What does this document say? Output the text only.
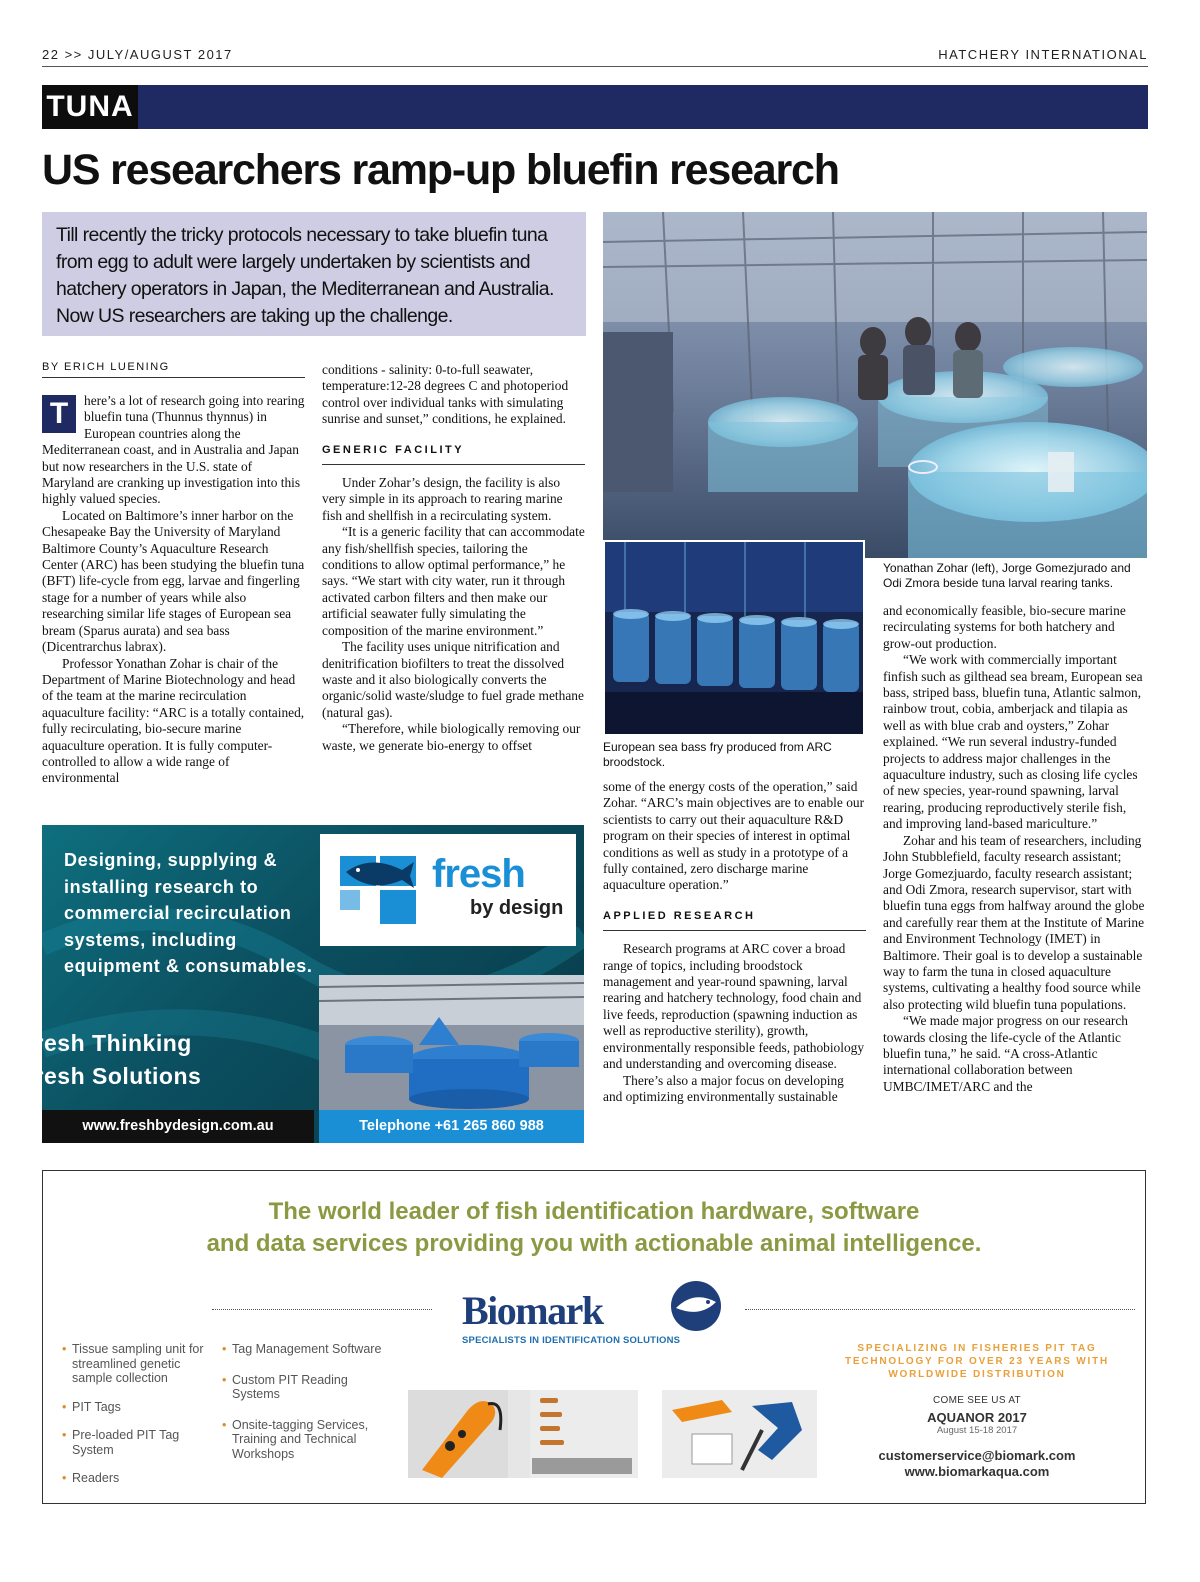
22 >> JULY/AUGUST 2017	HATCHERY INTERNATIONAL
TUNA
US researchers ramp-up bluefin research
Till recently the tricky protocols necessary to take bluefin tuna from egg to adult were largely undertaken by scientists and hatchery operators in Japan, the Mediterranean and Australia. Now US researchers are taking up the challenge.
BY ERICH LUENING
T	here’s a lot of research going into rearing bluefin tuna (Thunnus thynnus) in European countries along the Mediterranean coast, and in Australia and Japan but now researchers in the U.S. state of Maryland are cranking up investigation into this highly valued species.

Located on Baltimore’s inner harbor on the Chesapeake Bay the University of Maryland Baltimore County’s Aquaculture Research Center (ARC) has been studying the bluefin tuna (BFT) life-cycle from egg, larvae and fingerling stage for a number of years while also researching similar life stages of European sea bream (Sparus aurata) and sea bass (Dicentrarchus labrax).

Professor Yonathan Zohar is chair of the Department of Marine Biotechnology and head of the team at the marine recirculation aquaculture facility: “ARC is a totally contained, fully recirculating, bio-secure marine aquaculture operation. It is fully computer-controlled to allow a wide range of environmental

conditions - salinity: 0-to-full seawater, temperature:12-28 degrees C and photoperiod control over individual tanks with simulating sunrise and sunset,” conditions, he explained.

GENERIC FACILITY

Under Zohar’s design, the facility is also very simple in its approach to rearing marine fish and shellfish in a recirculating system.

“It is a generic facility that can accommodate any fish/shellfish species, tailoring the conditions to allow optimal performance,” he says. “We start with city water, run it through activated carbon filters and then make our artificial seawater fully simulating the composition of the marine environment.”

The facility uses unique nitrification and denitrification biofilters to treat the dissolved waste and it also biologically converts the organic/solid waste/sludge to fuel grade methane (natural gas).

“Therefore, while biologically removing our waste, we generate bio-energy to offset

Yonathan Zohar (left), Jorge Gomezjurado and Odi Zmora beside tuna larval rearing tanks.
European sea bass fry produced from ARC broodstock.

some of the energy costs of the operation,” said Zohar. “ARC’s main objectives are to enable our scientists to carry out their aquaculture R&D program on their species of interest in optimal conditions as well as study in a prototype of a fully contained, zero discharge marine aquaculture operation.”

APPLIED RESEARCH

Research programs at ARC cover a broad range of topics, including broodstock management and year-round spawning, larval rearing and hatchery technology, food chain and live feeds, reproduction (spawning induction as well as reproductive sterility), growth, environmentally responsible feeds, pathobiology and understanding and overcoming disease.

There’s also a major focus on developing and optimizing environmentally sustainable

and economically feasible, bio-secure marine recirculating systems for both hatchery and grow-out production.

“We work with commercially important finfish such as gilthead sea bream, European sea bass, striped bass, bluefin tuna, Atlantic salmon, rainbow trout, cobia, amberjack and tilapia as well as with blue crab and oysters,” Zohar explained. “We run several industry-funded projects to address major challenges in the aquaculture industry, such as closing life cycles of new species, year-round spawning, larval rearing, producing reproductively sterile fish, and improving land-based mariculture.”

Zohar and his team of researchers, including John Stubblefield, faculty research assistant; Jorge Gomezjuardo, faculty research assistant; and Odi Zmora, research supervisor, start with bluefin tuna eggs from halfway around the globe and carefully rear them at the Institute of Marine and Environment Technology (IMET) in Baltimore. Their goal is to develop a sustainable way to farm the tuna in closed aquaculture systems, cultivating a healthy food source while also protecting wild bluefin tuna populations.

“We made major progress on our research towards closing the life-cycle of the Atlantic bluefin tuna,” he said. “A cross-Atlantic international collaboration between UMBC/IMET/ARC and the

Designing, supplying & installing research to commercial recirculation systems, including equipment & consumables.
fresh
by design
Fresh Thinking
Fresh Solutions
www.freshbydesign.com.au	Telephone +61 265 860 988
The world leader of fish identification hardware, software
and data services providing you with actionable animal intelligence.
Biomark
SPECIALISTS IN IDENTIFICATION SOLUTIONS
• Tissue sampling unit for streamlined genetic sample collection
• PIT Tags
• Pre-loaded PIT Tag System
• Readers
• Tag Management Software
• Custom PIT Reading Systems
• Onsite-tagging Services, Training and Technical Workshops
SPECIALIZING IN FISHERIES PIT TAG TECHNOLOGY FOR OVER 23 YEARS WITH WORLDWIDE DISTRIBUTION
COME SEE US AT
AQUANOR 2017
August 15-18 2017
customerservice@biomark.com
www.biomarkaqua.com
